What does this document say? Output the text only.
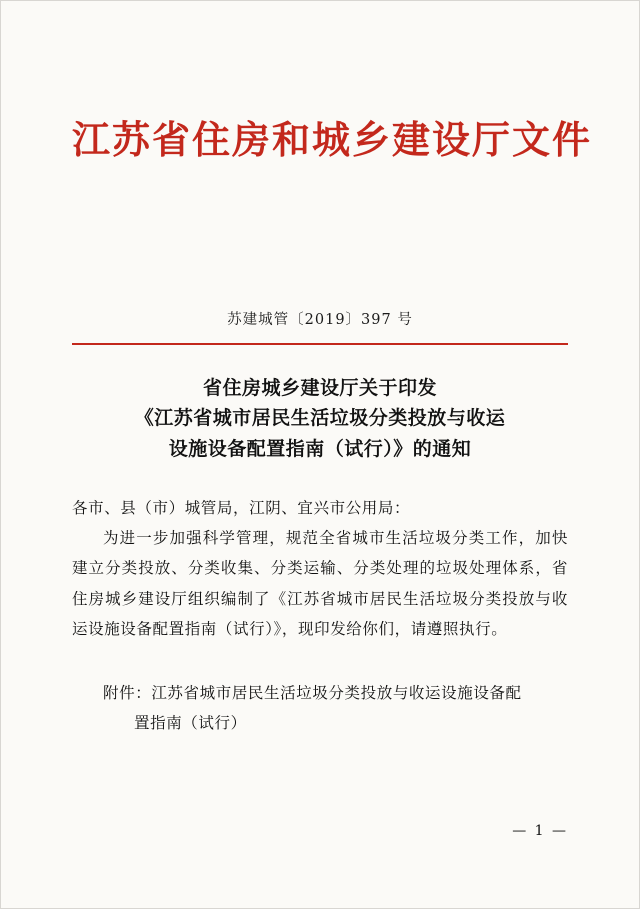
江苏省住房和城乡建设厅文件
苏建城管〔2019〕397 号
省住房城乡建设厅关于印发
《江苏省城市居民生活垃圾分类投放与收运
设施设备配置指南（试行）》的通知
各市、县（市）城管局，江阴、宜兴市公用局：

为进一步加强科学管理，规范全省城市生活垃圾分类工作，加快建立分类投放、分类收集、分类运输、分类处理的垃圾处理体系，省住房城乡建设厅组织编制了《江苏省城市居民生活垃圾分类投放与收运设施设备配置指南（试行）》，现印发给你们，请遵照执行。

附件：江苏省城市居民生活垃圾分类投放与收运设施设备配
置指南（试行）
— 1 —
